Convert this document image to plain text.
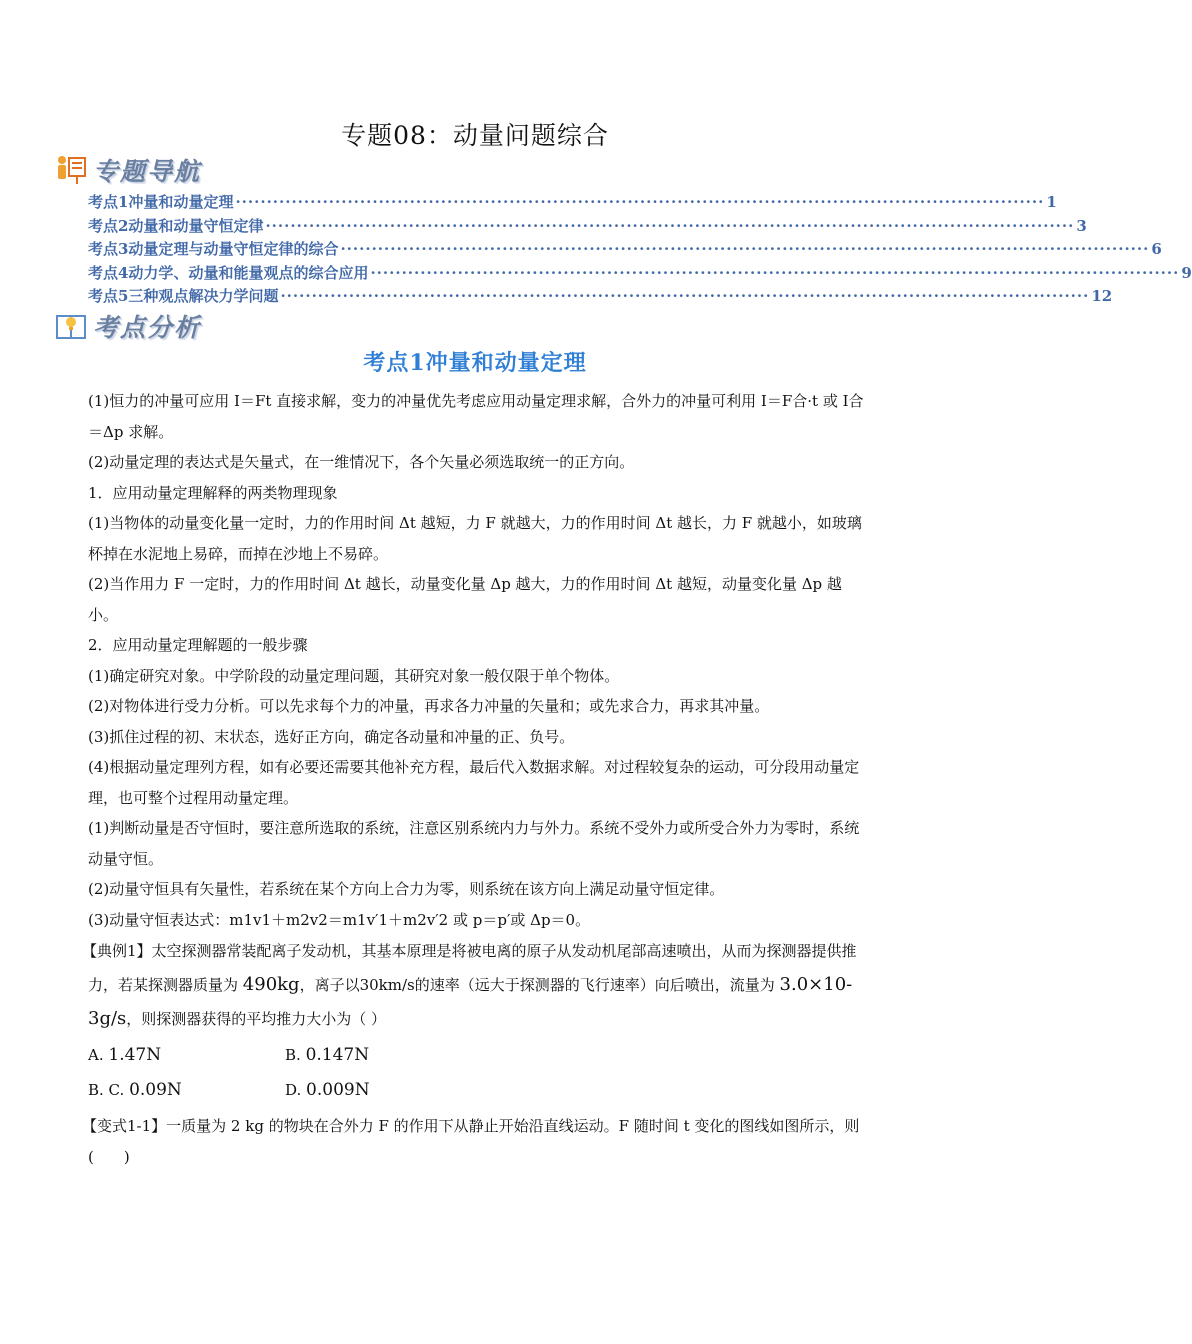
专题08：动量问题综合
专题导航
考点1冲量和动量定理 ·································································································································· 1
考点2动量和动量守恒定律 ·································································································································· 3
考点3动量定理与动量守恒定律的综合 ·································································································································· 6
考点4动力学、动量和能量观点的综合应用 ·································································································································· 9
考点5三种观点解决力学问题 ·································································································································· 12
考点分析
考点1冲量和动量定理

(1)恒力的冲量可应用 I＝Ft 直接求解，变力的冲量优先考虑应用动量定理求解，合外力的冲量可利用 I＝F合·t 或 I合＝Δp 求解。

(2)动量定理的表达式是矢量式，在一维情况下，各个矢量必须选取统一的正方向。

1．应用动量定理解释的两类物理现象

(1)当物体的动量变化量一定时，力的作用时间 Δt 越短，力 F 就越大，力的作用时间 Δt 越长，力 F 就越小，如玻璃杯掉在水泥地上易碎，而掉在沙地上不易碎。

(2)当作用力 F 一定时，力的作用时间 Δt 越长，动量变化量 Δp 越大，力的作用时间 Δt 越短，动量变化量 Δp 越小。

2．应用动量定理解题的一般步骤

(1)确定研究对象。中学阶段的动量定理问题，其研究对象一般仅限于单个物体。

(2)对物体进行受力分析。可以先求每个力的冲量，再求各力冲量的矢量和；或先求合力，再求其冲量。

(3)抓住过程的初、末状态，选好正方向，确定各动量和冲量的正、负号。

(4)根据动量定理列方程，如有必要还需要其他补充方程，最后代入数据求解。对过程较复杂的运动，可分段用动量定理，也可整个过程用动量定理。

(1)判断动量是否守恒时，要注意所选取的系统，注意区别系统内力与外力。系统不受外力或所受合外力为零时，系统动量守恒。

(2)动量守恒具有矢量性，若系统在某个方向上合力为零，则系统在该方向上满足动量守恒定律。

(3)动量守恒表达式：m1v1＋m2v2＝m1v′1＋m2v′2 或 p＝p′或 Δp＝0。

【典例1】太空探测器常装配离子发动机，其基本原理是将被电离的原子从发动机尾部高速喷出，从而为探测器提供推力，若某探测器质量为 490kg，离子以30km/s的速率（远大于探测器的飞行速率）向后喷出，流量为 3.0×10-3g/s，则探测器获得的平均推力大小为（ ）

A. 1.47N	B. 0.147N
B. C. 0.09N	D. 0.009N

【变式1-1】一质量为 2 kg 的物块在合外力 F 的作用下从静止开始沿直线运动。F 随时间 t 变化的图线如图所示，则(　　)
